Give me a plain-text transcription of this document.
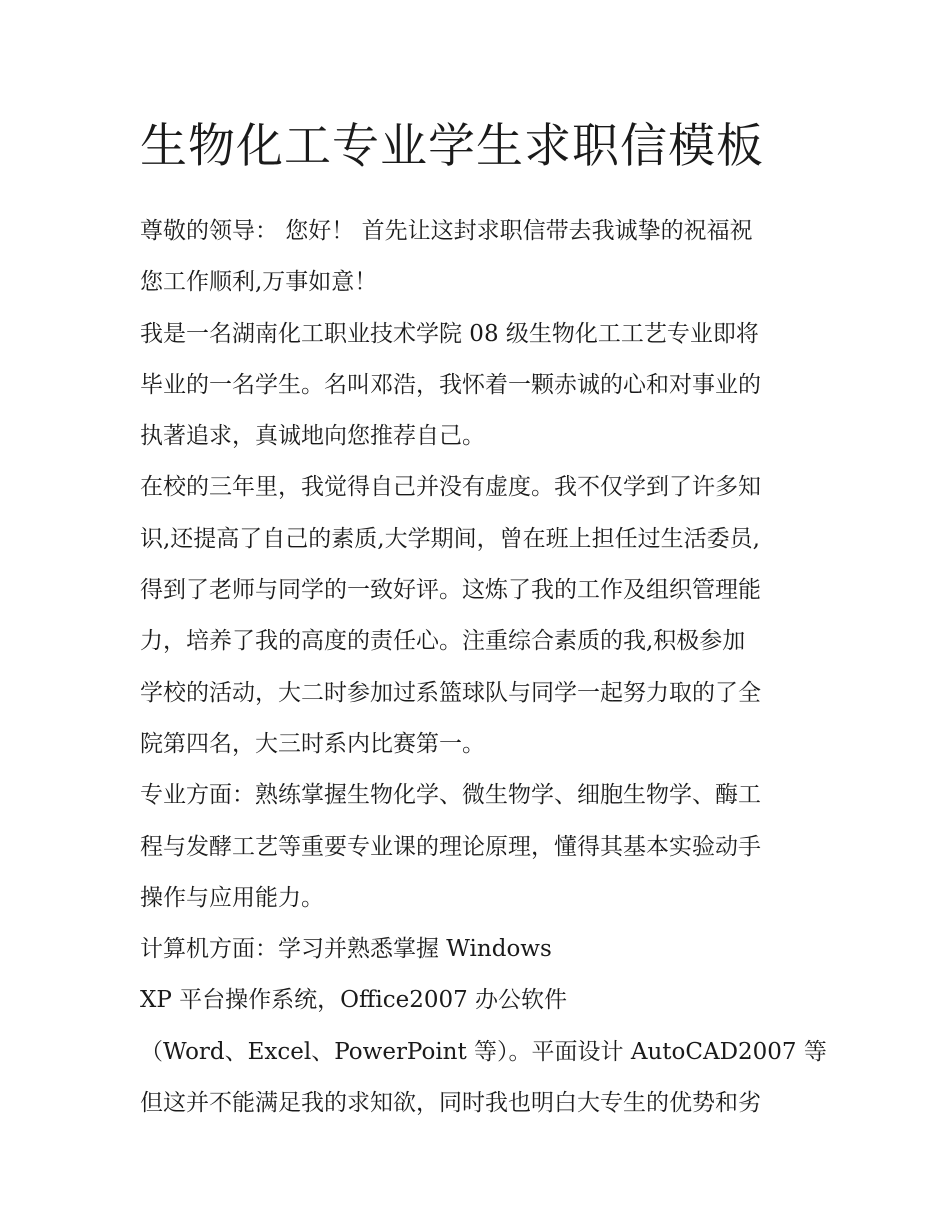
生物化工专业学生求职信模板

尊敬的领导： 您好！ 首先让这封求职信带去我诚挚的祝福祝

您工作顺利,万事如意！

我是一名湖南化工职业技术学院 08 级生物化工工艺专业即将

毕业的一名学生。名叫邓浩，我怀着一颗赤诚的心和对事业的

执著追求，真诚地向您推荐自己。

在校的三年里，我觉得自己并没有虚度。我不仅学到了许多知

识,还提高了自己的素质,大学期间，曾在班上担任过生活委员,

得到了老师与同学的一致好评。这炼了我的工作及组织管理能

力，培养了我的高度的责任心。注重综合素质的我,积极参加

学校的活动，大二时参加过系篮球队与同学一起努力取的了全

院第四名，大三时系内比赛第一。

专业方面：熟练掌握生物化学、微生物学、细胞生物学、酶工

程与发酵工艺等重要专业课的理论原理，懂得其基本实验动手

操作与应用能力。

计算机方面：学习并熟悉掌握 Windows

XP 平台操作系统，Office2007 办公软件

（Word、Excel、PowerPoint 等）。平面设计 AutoCAD2007 等

但这并不能满足我的求知欲，同时我也明白大专生的优势和劣
